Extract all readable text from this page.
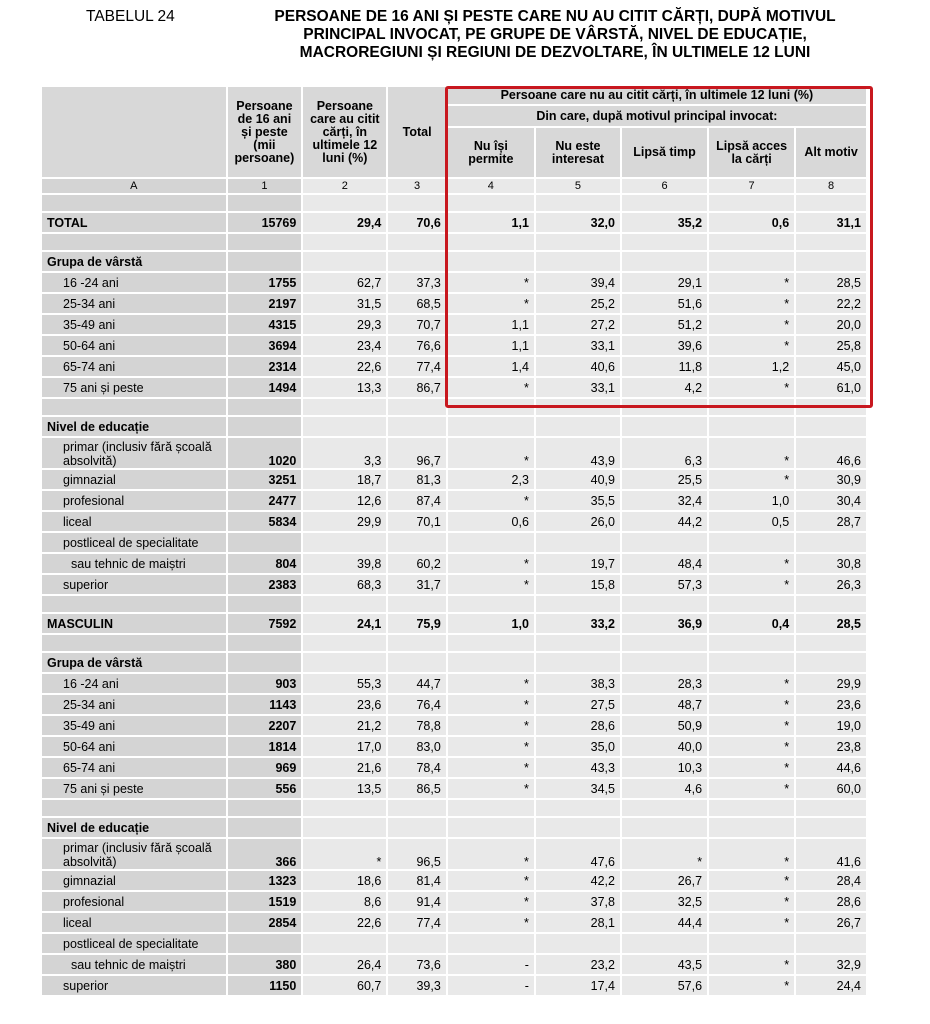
TABELUL 24	PERSOANE DE 16 ANI ȘI PESTE CARE NU AU CITIT CĂRȚI, DUPĂ MOTIVUL
PRINCIPAL INVOCAT, PE GRUPE DE VÂRSTĂ, NIVEL DE EDUCAȚIE,
MACROREGIUNI ȘI REGIUNI DE DEZVOLTARE, ÎN ULTIMELE 12 LUNI
	Persoane de 16 ani și peste (mii persoane)	Persoane care au citit cărți, în ultimele 12 luni (%)	Total	Persoane care nu au citit cărți, în ultimele 12 luni (%)				
				Din care, după motivul principal invocat:				
				Nu își permite	Nu este interesat	Lipsă timp	Lipsă acces la cărți	Alt motiv
A	1	2	3	4	5	6	7	8

TOTAL	15769	29,4	70,6	1,1	32,0	35,2	0,6	31,1

Grupa de vârstă								
16 -24 ani	1755	62,7	37,3	*	39,4	29,1	*	28,5
25-34 ani	2197	31,5	68,5	*	25,2	51,6	*	22,2
35-49 ani	4315	29,3	70,7	1,1	27,2	51,2	*	20,0
50-64 ani	3694	23,4	76,6	1,1	33,1	39,6	*	25,8
65-74 ani	2314	22,6	77,4	1,4	40,6	11,8	1,2	45,0
75 ani și peste	1494	13,3	86,7	*	33,1	4,2	*	61,0

Nivel de educație								
primar (inclusiv fără școală absolvită)	1020	3,3	96,7	*	43,9	6,3	*	46,6
gimnazial	3251	18,7	81,3	2,3	40,9	25,5	*	30,9
profesional	2477	12,6	87,4	*	35,5	32,4	1,0	30,4
liceal	5834	29,9	70,1	0,6	26,0	44,2	0,5	28,7
postliceal de specialitate								
sau tehnic de maiștri	804	39,8	60,2	*	19,7	48,4	*	30,8
superior	2383	68,3	31,7	*	15,8	57,3	*	26,3

MASCULIN	7592	24,1	75,9	1,0	33,2	36,9	0,4	28,5

Grupa de vârstă								
16 -24 ani	903	55,3	44,7	*	38,3	28,3	*	29,9
25-34 ani	1143	23,6	76,4	*	27,5	48,7	*	23,6
35-49 ani	2207	21,2	78,8	*	28,6	50,9	*	19,0
50-64 ani	1814	17,0	83,0	*	35,0	40,0	*	23,8
65-74 ani	969	21,6	78,4	*	43,3	10,3	*	44,6
75 ani și peste	556	13,5	86,5	*	34,5	4,6	*	60,0

Nivel de educație								
primar (inclusiv fără școală absolvită)	366	*	96,5	*	47,6	*	*	41,6
gimnazial	1323	18,6	81,4	*	42,2	26,7	*	28,4
profesional	1519	8,6	91,4	*	37,8	32,5	*	28,6
liceal	2854	22,6	77,4	*	28,1	44,4	*	26,7
postliceal de specialitate								
sau tehnic de maiștri	380	26,4	73,6	-	23,2	43,5	*	32,9
superior	1150	60,7	39,3	-	17,4	57,6	*	24,4
